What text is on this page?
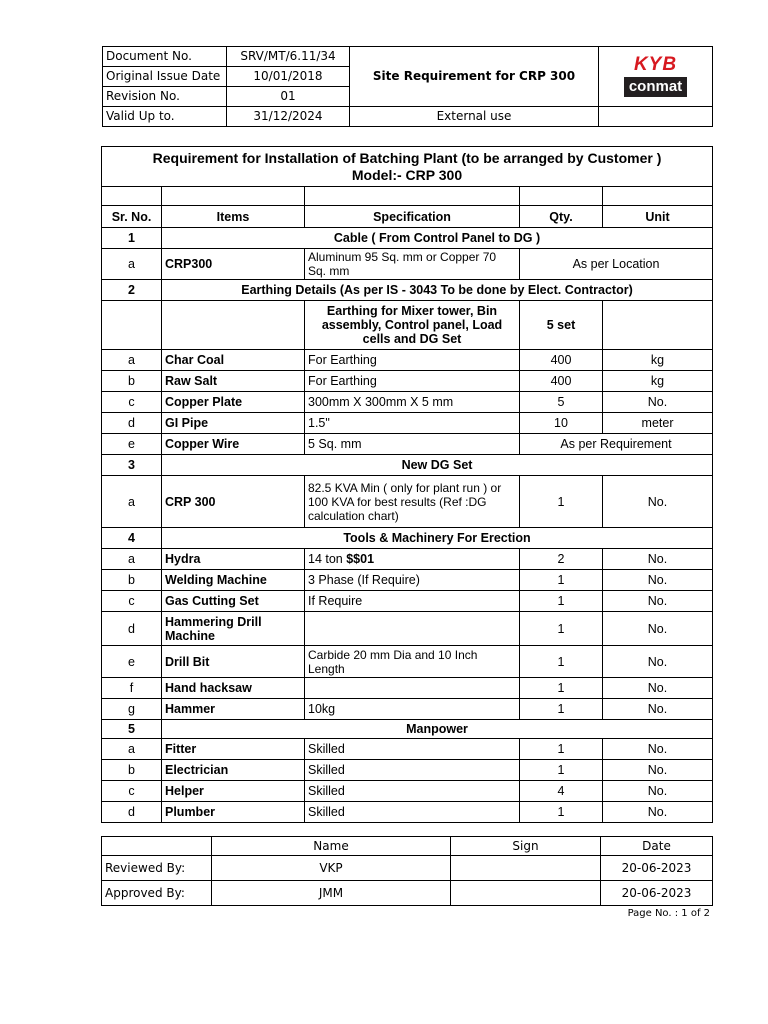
Document No.	SRV/MT/6.11/34	Site Requirement for CRP 300	KYB
conmat

Original Issue Date	10/01/2018		
Revision No.	01		
Valid Up to.	31/12/2024	External use	
Requirement for Installation of Batching Plant (to be arranged by Customer )
Model:- CRP 300				

Sr. No.	Items	Specification	Qty.	Unit
1	Cable ( From Control Panel to DG )			
a	CRP300	Aluminum 95 Sq. mm or Copper 70 Sq. mm	As per Location	
2	Earthing Details (As per IS - 3043 To be done by Elect. Contractor)			
		Earthing for Mixer tower, Bin assembly, Control panel, Load cells and DG Set	5 set	
a	Char Coal	For Earthing	400	kg
b	Raw Salt	For Earthing	400	kg
c	Copper Plate	300mm X 300mm X 5 mm	5	No.
d	GI Pipe	1.5"	10	meter
e	Copper Wire	5 Sq. mm	As per Requirement	
3	New DG Set			
a	CRP 300	82.5 KVA Min ( only for plant run ) or 100 KVA for best results (Ref :DG calculation chart)	1	No.
4	Tools & Machinery For Erection			
a	Hydra	14 ton $$01	2	No.
b	Welding Machine	3 Phase (If Require)	1	No.
c	Gas Cutting Set	If Require	1	No.
d	Hammering Drill Machine		1	No.
e	Drill Bit	Carbide 20 mm Dia and 10 Inch Length	1	No.
f	Hand hacksaw		1	No.
g	Hammer	10kg	1	No.
5	Manpower			
a	Fitter	Skilled	1	No.
b	Electrician	Skilled	1	No.
c	Helper	Skilled	4	No.
d	Plumber	Skilled	1	No.
	Name	Sign	Date
Reviewed By:	VKP		20-06-2023
Approved By:	JMM		20-06-2023
Page No. : 1 of 2
